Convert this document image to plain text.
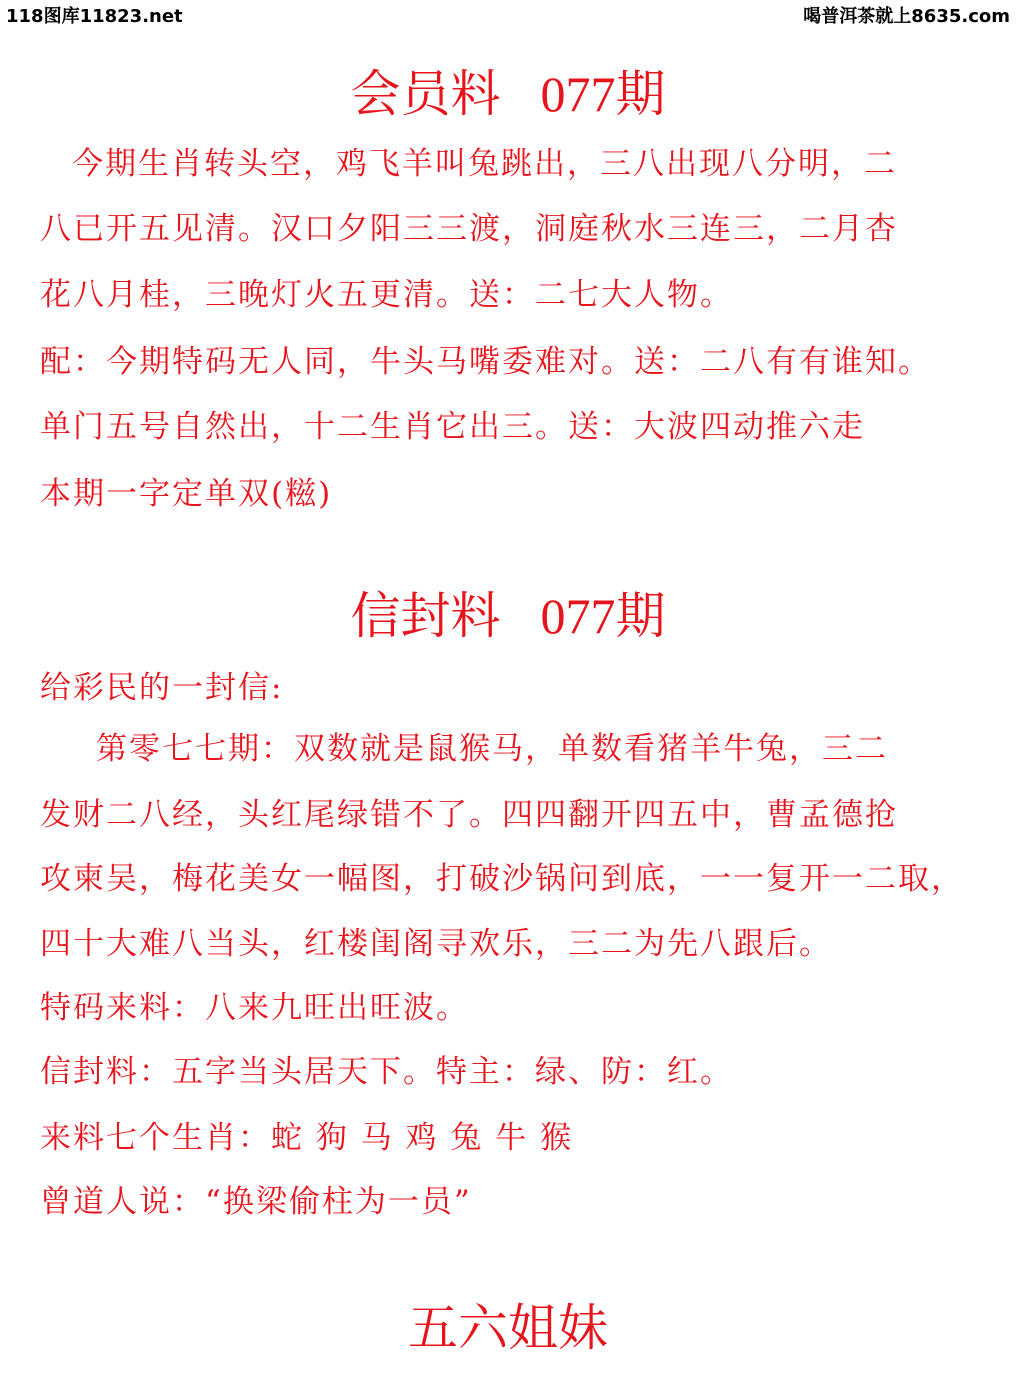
118图库11823.net	喝普洱茶就上8635.com
会员料 077期
今期生肖转头空，鸡飞羊叫兔跳出，三八出现八分明，二
八已开五见清。汉口夕阳三三渡，洞庭秋水三连三，二月杏
花八月桂，三晚灯火五更清。送：二七大人物。
配：今期特码无人同，牛头马嘴委难对。送：二八有有谁知。
单门五号自然出，十二生肖它出三。送：大波四动推六走
本期一字定单双(糍)
信封料 077期
给彩民的一封信:
第零七七期：双数就是鼠猴马，单数看猪羊牛兔，三二
发财二八经，头红尾绿错不了。四四翻开四五中，曹孟德抢
攻柬吴，梅花美女一幅图，打破沙锅问到底，一一复开一二取，
四十大难八当头，红楼闺阁寻欢乐，三二为先八跟后。
特码来料：八来九旺出旺波。
信封料：五字当头居天下。特主：绿、防：红。
来料七个生肖：蛇 狗 马 鸡 兔 牛 猴
曾道人说：“换梁偷柱为一员”
五六姐妹
